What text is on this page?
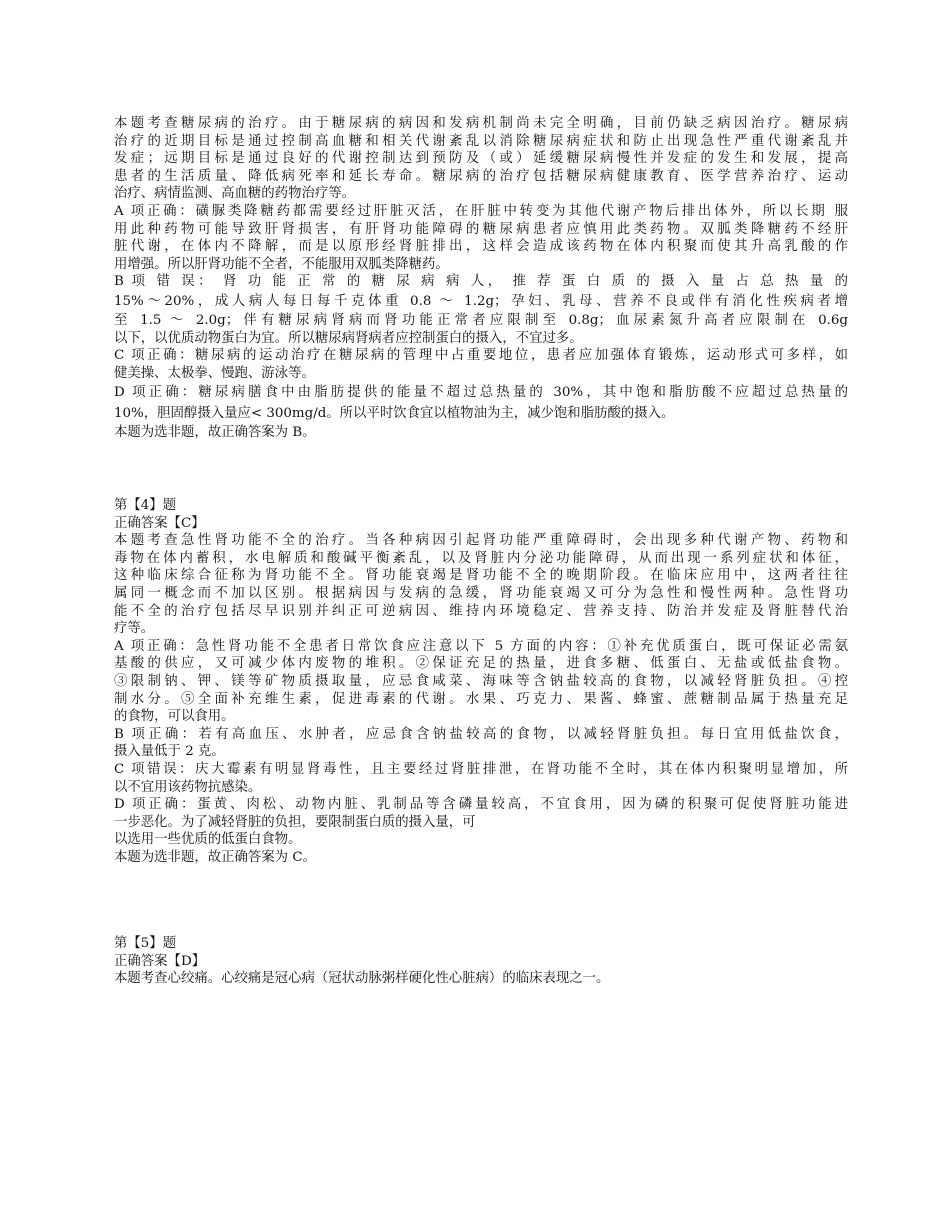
本题考查糖尿病的治疗。由于糖尿病的病因和发病机制尚未完全明确，目前仍缺乏病因治疗。糖尿病
治疗的近期目标是通过控制高血糖和相关代谢紊乱以消除糖尿病症状和防止出现急性严重代谢紊乱并
发症；远期目标是通过良好的代谢控制达到预防及（或）延缓糖尿病慢性并发症的发生和发展，提高
患者的生活质量、降低病死率和延长寿命。糖尿病的治疗包括糖尿病健康教育、医学营养治疗、运动
治疗、病情监测、高血糖的药物治疗等。
A 项正确：磺脲类降糖药都需要经过肝脏灭活，在肝脏中转变为其他代谢产物后排出体外，所以长期 服
用此种药物可能导致肝肾损害，有肝肾功能障碍的糖尿病患者应慎用此类药物。双胍类降糖药不经肝
脏代谢，在体内不降解，而是以原形经肾脏排出，这样会造成该药物在体内积聚而使其升高乳酸的作
用增强。所以肝肾功能不全者，不能服用双胍类降糖药。
B 项 错 误： 肾 功 能 正 常 的 糖 尿 病 病 人， 推 荐 蛋 白 质 的 摄 入 量 占 总 热 量 的
15%～20%，成人病人每日每千克体重 0.8 ～ 1.2g；孕妇、乳母、营养不良或伴有消化性疾病者增
至 1.5 ～ 2.0g；伴有糖尿病肾病而肾功能正常者应限制至 0.8g；血尿素氮升高者应限制在 0.6g
以下，以优质动物蛋白为宜。所以糖尿病肾病者应控制蛋白的摄入，不宜过多。
C 项正确：糖尿病的运动治疗在糖尿病的管理中占重要地位，患者应加强体育锻炼，运动形式可多样，如
健美操、太极拳、慢跑、游泳等。
D 项正确：糖尿病膳食中由脂肪提供的能量不超过总热量的 30%，其中饱和脂肪酸不应超过总热量的
10%，胆固醇摄入量应< 300mg/d。所以平时饮食宜以植物油为主，减少饱和脂肪酸的摄入。
本题为选非题，故正确答案为 B。
第【4】题
正确答案【C】
本题考查急性肾功能不全的治疗。当各种病因引起肾功能严重障碍时，会出现多种代谢产物、药物和
毒物在体内蓄积，水电解质和酸碱平衡紊乱，以及肾脏内分泌功能障碍，从而出现一系列症状和体征，
这种临床综合征称为肾功能不全。肾功能衰竭是肾功能不全的晚期阶段。在临床应用中，这两者往往
属同一概念而不加以区别。根据病因与发病的急缓，肾功能衰竭又可分为急性和慢性两种。急性肾功
能不全的治疗包括尽早识别并纠正可逆病因、维持内环境稳定、营养支持、防治并发症及肾脏替代治
疗等。
A 项正确：急性肾功能不全患者日常饮食应注意以下 5 方面的内容：①补充优质蛋白，既可保证必需氨
基酸的供应，又可减少体内废物的堆积。②保证充足的热量，进食多糖、低蛋白、无盐或低盐食物。
③限制钠、钾、镁等矿物质摄取量，应忌食咸菜、海味等含钠盐较高的食物，以减轻肾脏负担。④控
制水分。⑤全面补充维生素，促进毒素的代谢。水果、巧克力、果酱、蜂蜜、蔗糖制品属于热量充足
的食物，可以食用。
B 项正确：若有高血压、水肿者，应忌食含钠盐较高的食物，以减轻肾脏负担。每日宜用低盐饮食，
摄入量低于 2 克。
C 项错误：庆大霉素有明显肾毒性，且主要经过肾脏排泄，在肾功能不全时，其在体内积聚明显增加，所
以不宜用该药物抗感染。
D 项正确：蛋黄、肉松、动物内脏、乳制品等含磷量较高，不宜食用，因为磷的积聚可促使肾脏功能进
一步恶化。为了减轻肾脏的负担，要限制蛋白质的摄入量，可
以选用一些优质的低蛋白食物。
本题为选非题，故正确答案为 C。
第【5】题
正确答案【D】
本题考查心绞痛。心绞痛是冠心病（冠状动脉粥样硬化性心脏病）的临床表现之一。
